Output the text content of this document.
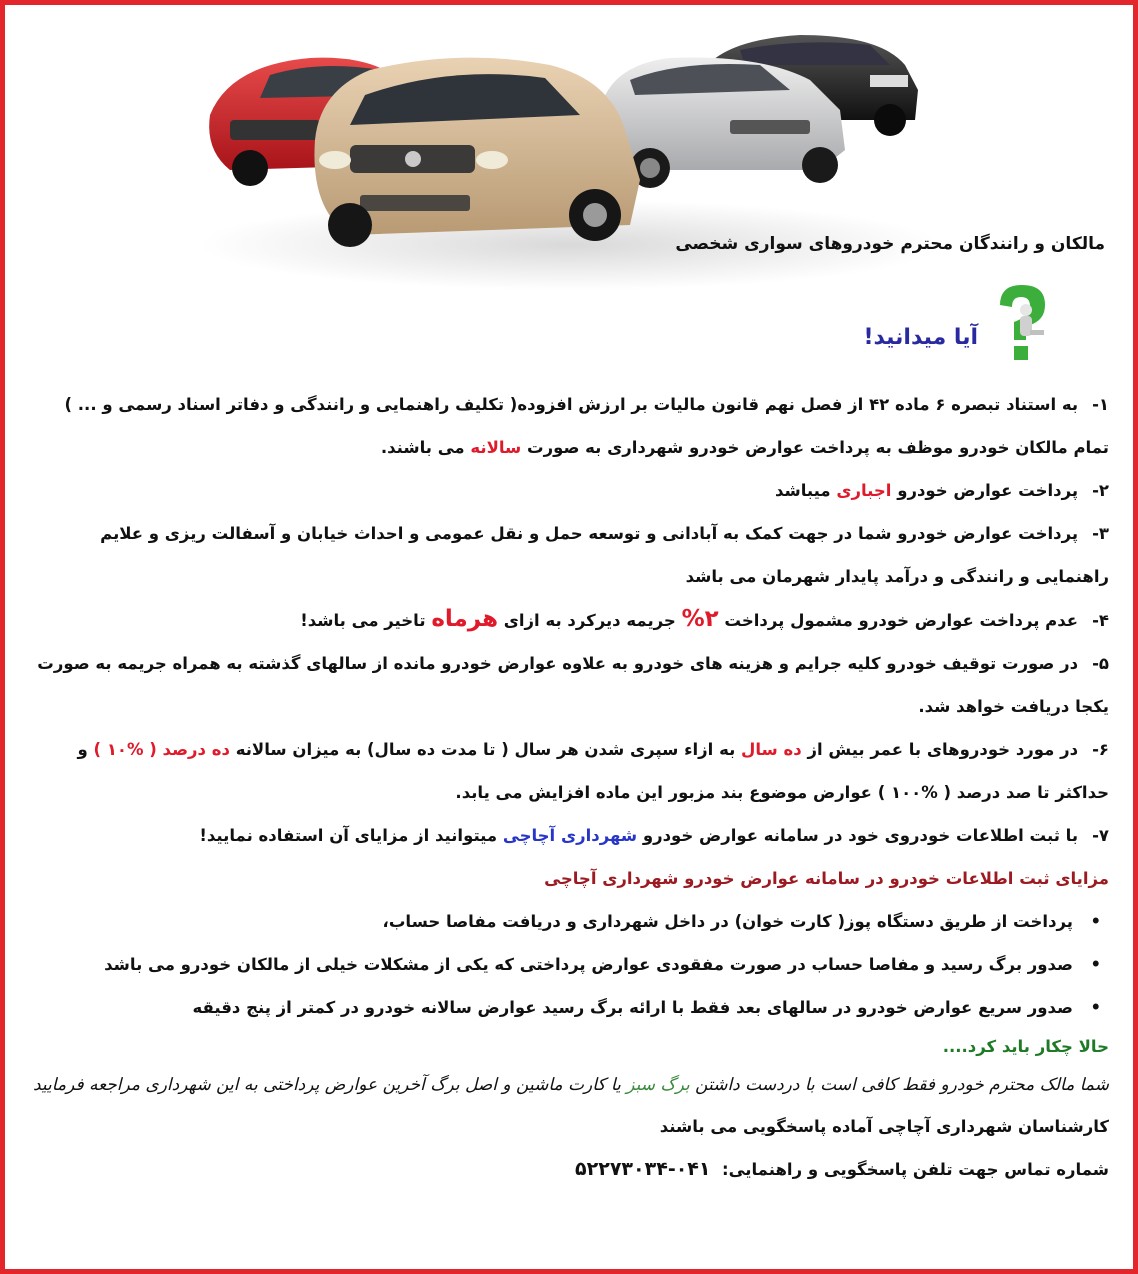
مالکان و رانندگان محترم خودروهای سواری شخصی
آیا میدانید!

۱-به استناد تبصره ۶ ماده ۴۲ از فصل نهم قانون مالیات بر ارزش افزوده( تکلیف راهنمایی و رانندگی و دفاتر اسناد رسمی و ... ) تمام مالکان خودرو موظف به پرداخت عوارض خودرو شهرداری به صورت سالانه می باشند.

۲-پرداخت عوارض خودرو اجباری میباشد

۳-پرداخت عوارض خودرو شما در جهت کمک به آبادانی و توسعه حمل و نقل عمومی و احداث خیابان و آسفالت ریزی و علایم راهنمایی و رانندگی و درآمد پایدار شهرمان می باشد

۴-عدم پرداخت عوارض خودرو مشمول پرداخت ۲% جریمه دیرکرد به ازای هرماه تاخیر می باشد!

۵-در صورت توقیف خودرو کلیه جرایم و هزینه های خودرو به علاوه عوارض خودرو مانده از سالهای گذشته به همراه جریمه به صورت یکجا دریافت خواهد شد.

۶-در مورد خودروهای با عمر بیش از ده سال به ازاء سپری شدن هر سال ( تا مدت ده سال) به میزان سالانه ده درصد ( %۱۰ ) و حداکثر تا صد درصد ( %۱۰۰ ) عوارض موضوع بند مزبور این ماده افزایش می یابد.

۷-با ثبت اطلاعات خودروی خود در سامانه عوارض خودرو شهرداری آچاچی میتوانید از مزایای آن استفاده نمایید!

مزایای ثبت اطلاعات خودرو در سامانه عوارض خودرو شهرداری آچاچی

•
پرداخت از طریق دستگاه پوز( کارت خوان) در داخل شهرداری و دریافت مفاصا حساب،

•
صدور برگ رسید و مفاصا حساب در صورت مفقودی عوارض پرداختی که یکی از مشکلات خیلی از مالکان خودرو می باشد

•
صدور سریع عوارض خودرو در سالهای بعد فقط با ارائه برگ رسید عوارض سالانه خودرو در کمتر از پنج دقیقه

حالا چکار باید کرد....

شما مالک محترم خودرو فقط کافی است با دردست داشتن برگ سبز یا کارت ماشین و اصل برگ آخرین عوارض پرداختی به این شهرداری مراجعه فرمایید

کارشناسان شهرداری آچاچی آماده پاسخگویی می باشند

شماره تماس جهت تلفن پاسخگویی و راهنمایی:  ۰۴۱-۵۲۲۷۳۰۳۴
